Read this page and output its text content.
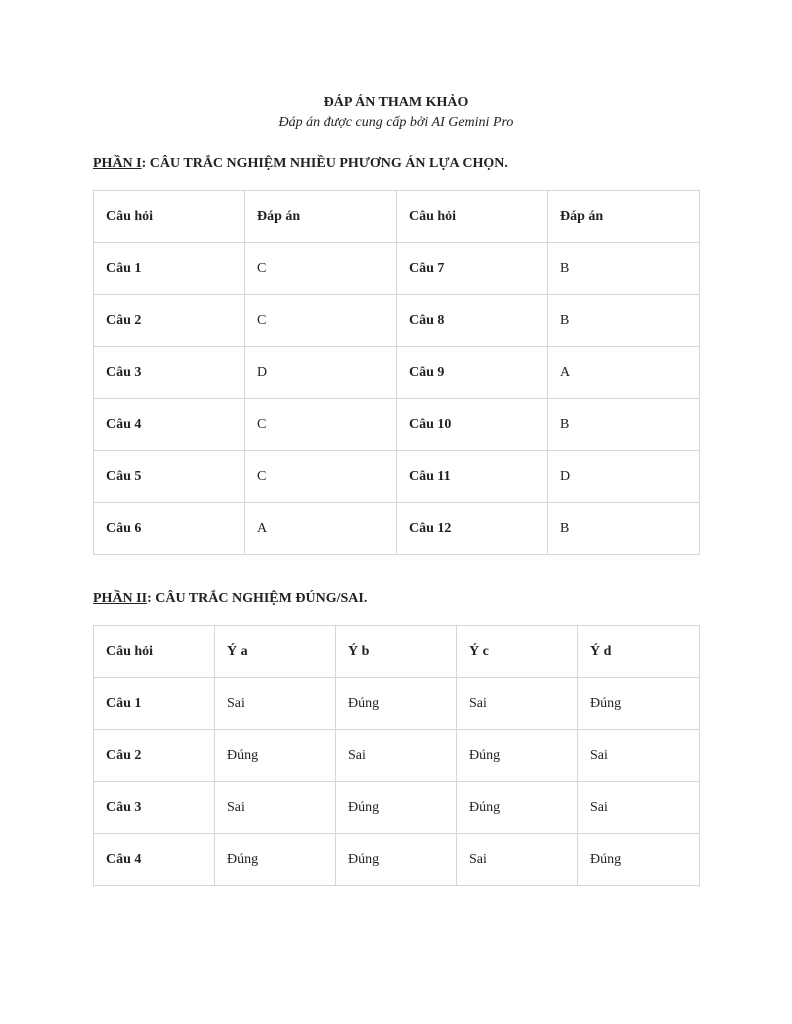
ĐÁP ÁN THAM KHẢO
Đáp án được cung cấp bởi AI Gemini Pro
PHẦN I: CÂU TRẮC NGHIỆM NHIỀU PHƯƠNG ÁN LỰA CHỌN.
Câu hỏi	Đáp án	Câu hỏi	Đáp án
Câu 1	C	Câu 7	B
Câu 2	C	Câu 8	B
Câu 3	D	Câu 9	A
Câu 4	C	Câu 10	B
Câu 5	C	Câu 11	D
Câu 6	A	Câu 12	B
PHẦN II: CÂU TRẮC NGHIỆM ĐÚNG/SAI.
Câu hỏi	Ý a	Ý b	Ý c	Ý d
Câu 1	Sai	Đúng	Sai	Đúng
Câu 2	Đúng	Sai	Đúng	Sai
Câu 3	Sai	Đúng	Đúng	Sai
Câu 4	Đúng	Đúng	Sai	Đúng
